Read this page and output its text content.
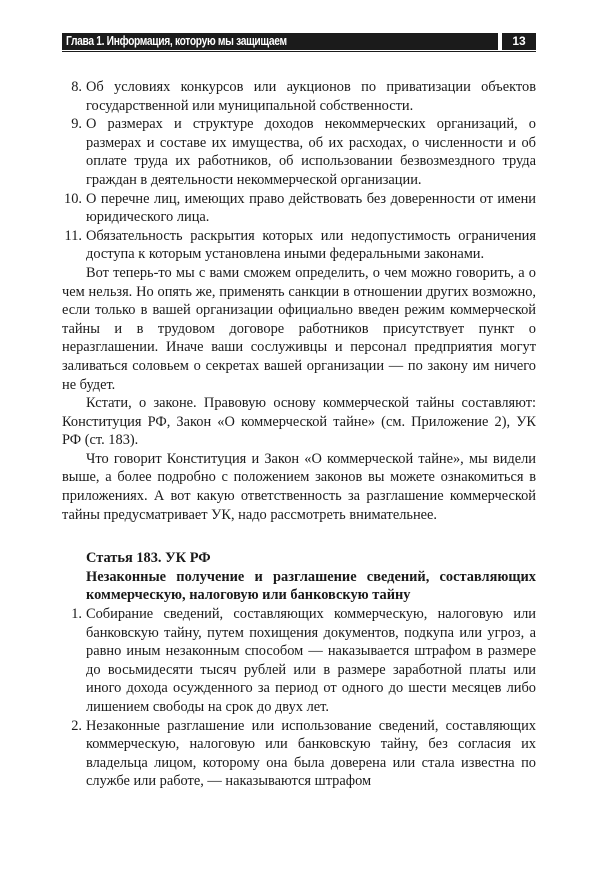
Глава 1. Информация, которую мы защищаем	13
8. Об условиях конкурсов или аукционов по приватизации объектов государственной или муниципальной собственности.
9. О размерах и структуре доходов некоммерческих организаций, о размерах и составе их имущества, об их расходах, о численности и об оплате труда их работников, об использовании безвозмездного труда граждан в деятельности некоммерческой организации.
10. О перечне лиц, имеющих право действовать без доверенности от имени юридического лица.
11. Обязательность раскрытия которых или недопустимость ограничения доступа к которым установлена иными федеральными законами.

Вот теперь-то мы с вами сможем определить, о чем можно говорить, а о чем нельзя. Но опять же, применять санкции в отношении других возможно, если только в вашей организации официально введен режим коммерческой тайны и в трудовом договоре работников присутствует пункт о неразглашении. Иначе ваши сослуживцы и персонал предприятия могут заливаться соловьем о секретах вашей организации — по закону им ничего не будет.

Кстати, о законе. Правовую основу коммерческой тайны составляют: Конституция РФ, Закон «О коммерческой тайне» (см. Приложение 2), УК РФ (ст. 183).

Что говорит Конституция и Закон «О коммерческой тайне», мы видели выше, а более подробно с положением законов вы можете ознакомиться в приложениях. А вот какую ответственность за разглашение коммерческой тайны предусматривает УК, надо рассмотреть внимательнее.

Статья 183. УК РФ
Незаконные получение и разглашение сведений, составляющих коммерческую, налоговую или банковскую тайну
1. Собирание сведений, составляющих коммерческую, налоговую или банковскую тайну, путем похищения документов, подкупа или угроз, а равно иным незаконным способом — наказывается штрафом в размере до восьмидесяти тысяч рублей или в размере заработной платы или иного дохода осужденного за период от одного до шести месяцев либо лишением свободы на срок до двух лет.
2. Незаконные разглашение или использование сведений, составляющих коммерческую, налоговую или банковскую тайну, без согласия их владельца лицом, которому она была доверена или стала известна по службе или работе, — наказываются штрафом
